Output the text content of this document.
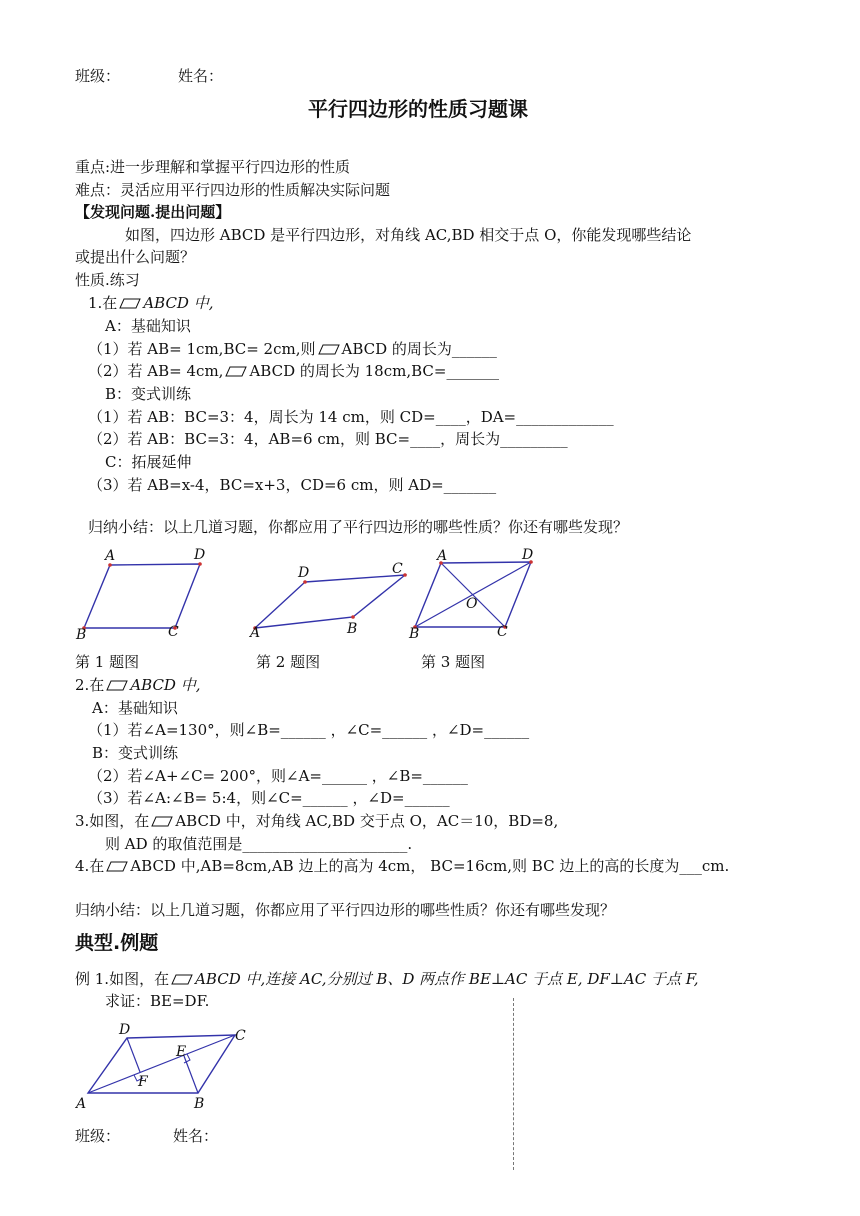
班级：	姓名：
平行四边形的性质习题课
重点:进一步理解和掌握平行四边形的性质
难点：灵活应用平行四边形的性质解决实际问题
【发现问题.提出问题】
如图，四边形 ABCD 是平行四边形，对角线 AC,BD 相交于点 O，你能发现哪些结论
或提出什么问题？
性质.练习
1.在 ABCD 中,
A：基础知识
（1）若 AB= 1cm,BC= 2cm,则 ABCD 的周长为______
（2）若 AB= 4cm, ABCD 的周长为 18cm,BC=_______
B：变式训练
（1）若 AB：BC=3：4，周长为 14 cm，则 CD=____，DA=_____________
（2）若 AB：BC=3：4，AB=6 cm，则 BC=____，周长为_________
C：拓展延伸
（3）若 AB=x-4，BC=x+3，CD=6 cm，则 AD=_______
归纳小结：以上几道习题，你都应用了平行四边形的哪些性质？你还有哪些发现？
A	D
B	C
D	C
B
A
A	D
O
B	C
第 1 题图	第 2 题图	第 3 题图
2.在 ABCD 中,
A：基础知识
（1）若∠A=130°，则∠B=______ ，∠C=______ ，∠D=______
B：变式训练
（2）若∠A+∠C= 200°，则∠A=______ ，∠B=______
（3）若∠A:∠B= 5:4，则∠C=______ ，∠D=______
3.如图，在 ABCD 中，对角线 AC,BD 交于点 O，AC＝10，BD=8,
则 AD 的取值范围是______________________.
4.在 ABCD 中,AB=8cm,AB 边上的高为 4cm， BC=16cm,则 BC 边上的高的长度为___cm.
归纳小结：以上几道习题，你都应用了平行四边形的哪些性质？你还有哪些发现？
典型.例题
例 1.如图，在 ABCD 中,连接 AC,分别过 B、D 两点作 BE⊥AC 于点 E, DF⊥AC 于点 F,
求证：BE=DF.
D	C
E
F
A	B
班级：	姓名：
